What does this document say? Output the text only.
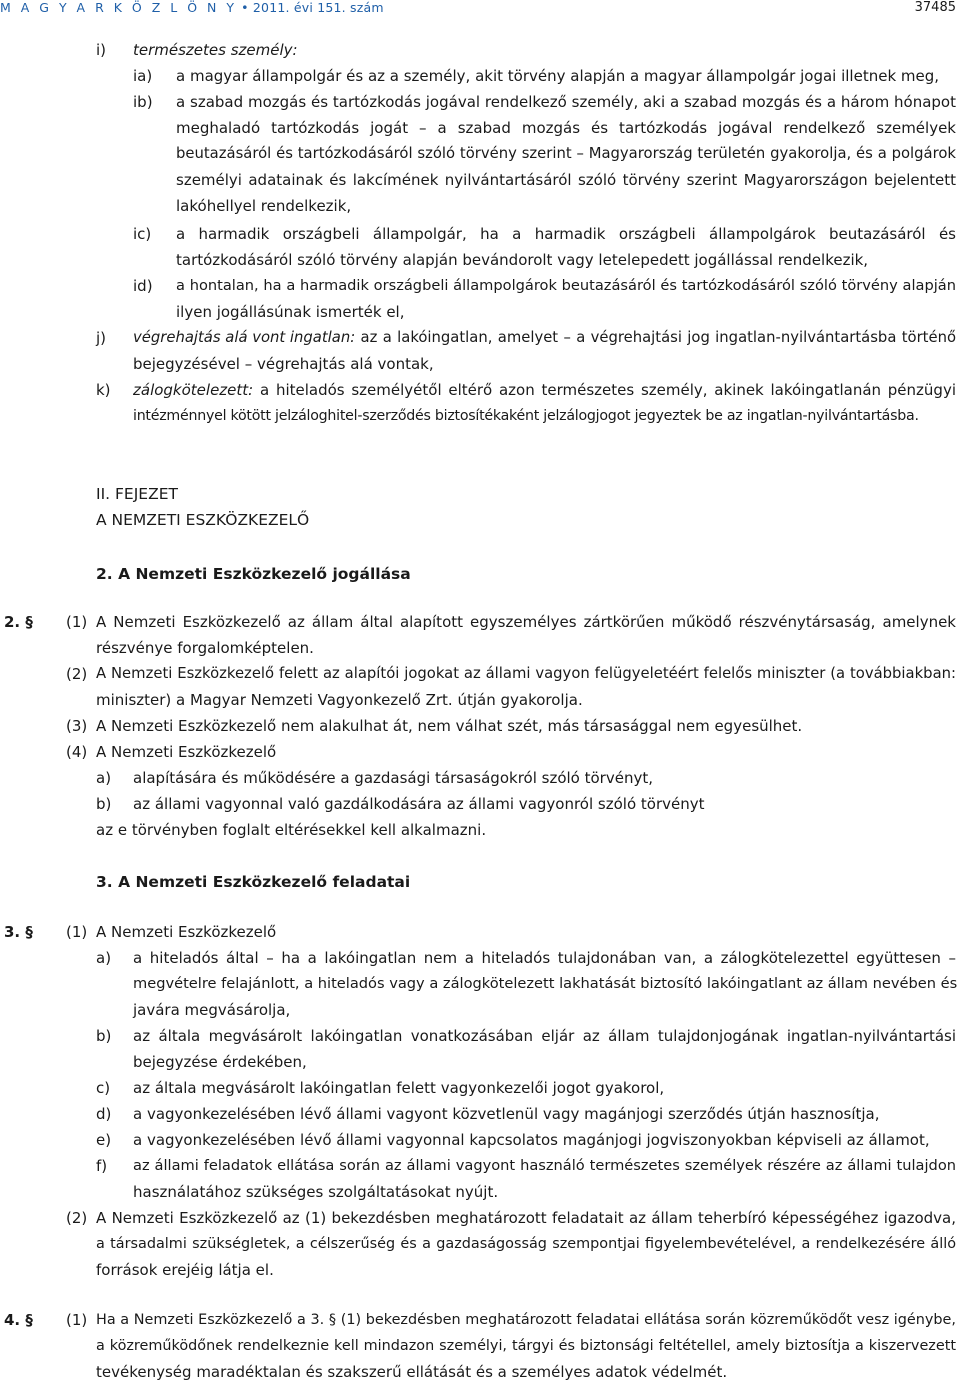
M A G Y A R K Ö Z L Ö N Y • 2011. évi 151. szám	37485
i) természetes személy:
ia) a magyar állampolgár és az a személy, akit törvény alapján a magyar állampolgár jogai illetnek meg,
ib) a szabad mozgás és tartózkodás jogával rendelkező személy, aki a szabad mozgás és a három hónapot
meghaladó tartózkodás jogát – a szabad mozgás és tartózkodás jogával rendelkező személyek
beutazásáról és tartózkodásáról szóló törvény szerint – Magyarország területén gyakorolja, és a polgárok
személyi adatainak és lakcímének nyilvántartásáról szóló törvény szerint Magyarországon bejelentett
lakóhellyel rendelkezik,
ic) a harmadik országbeli állampolgár, ha a harmadik országbeli állampolgárok beutazásáról és
tartózkodásáról szóló törvény alapján bevándorolt vagy letelepedett jogállással rendelkezik,
id) a hontalan, ha a harmadik országbeli állampolgárok beutazásáról és tartózkodásáról szóló törvény alapján
ilyen jogállásúnak ismerték el,
j) végrehajtás alá vont ingatlan: az a lakóingatlan, amelyet – a végrehajtási jog ingatlan-nyilvántartásba történő
bejegyzésével – végrehajtás alá vontak,
k) zálogkötelezett: a hiteladós személyétől eltérő azon természetes személy, akinek lakóingatlanán pénzügyi
intézménnyel kötött jelzáloghitel-szerződés biztosítékaként jelzálogjogot jegyeztek be az ingatlan-nyilvántartásba.
II. FEJEZET
A NEMZETI ESZKÖZKEZELŐ
2. A Nemzeti Eszközkezelő jogállása
2. § (1) A Nemzeti Eszközkezelő az állam által alapított egyszemélyes zártkörűen működő részvénytársaság, amelynek
részvénye forgalomképtelen.
(2) A Nemzeti Eszközkezelő felett az alapítói jogokat az állami vagyon felügyeletéért felelős miniszter (a továbbiakban:
miniszter) a Magyar Nemzeti Vagyonkezelő Zrt. útján gyakorolja.
(3) A Nemzeti Eszközkezelő nem alakulhat át, nem válhat szét, más társasággal nem egyesülhet.
(4) A Nemzeti Eszközkezelő
a) alapítására és működésére a gazdasági társaságokról szóló törvényt,
b) az állami vagyonnal való gazdálkodására az állami vagyonról szóló törvényt
az e törvényben foglalt eltérésekkel kell alkalmazni.
3. A Nemzeti Eszközkezelő feladatai
3. § (1) A Nemzeti Eszközkezelő
a) a hiteladós által – ha a lakóingatlan nem a hiteladós tulajdonában van, a zálogkötelezettel együttesen –
megvételre felajánlott, a hiteladós vagy a zálogkötelezett lakhatását biztosító lakóingatlant az állam nevében és
javára megvásárolja,
b) az általa megvásárolt lakóingatlan vonatkozásában eljár az állam tulajdonjogának ingatlan-nyilvántartási
bejegyzése érdekében,
c) az általa megvásárolt lakóingatlan felett vagyonkezelői jogot gyakorol,
d) a vagyonkezelésében lévő állami vagyont közvetlenül vagy magánjogi szerződés útján hasznosítja,
e) a vagyonkezelésében lévő állami vagyonnal kapcsolatos magánjogi jogviszonyokban képviseli az államot,
f) az állami feladatok ellátása során az állami vagyont használó természetes személyek részére az állami tulajdon
használatához szükséges szolgáltatásokat nyújt.
(2) A Nemzeti Eszközkezelő az (1) bekezdésben meghatározott feladatait az állam teherbíró képességéhez igazodva,
a társadalmi szükségletek, a célszerűség és a gazdaságosság szempontjai figyelembevételével, a rendelkezésére álló
források erejéig látja el.
4. § (1) Ha a Nemzeti Eszközkezelő a 3. § (1) bekezdésben meghatározott feladatai ellátása során közreműködőt vesz igénybe,
a közreműködőnek rendelkeznie kell mindazon személyi, tárgyi és biztonsági feltétellel, amely biztosítja a kiszervezett
tevékenység maradéktalan és szakszerű ellátását és a személyes adatok védelmét.
